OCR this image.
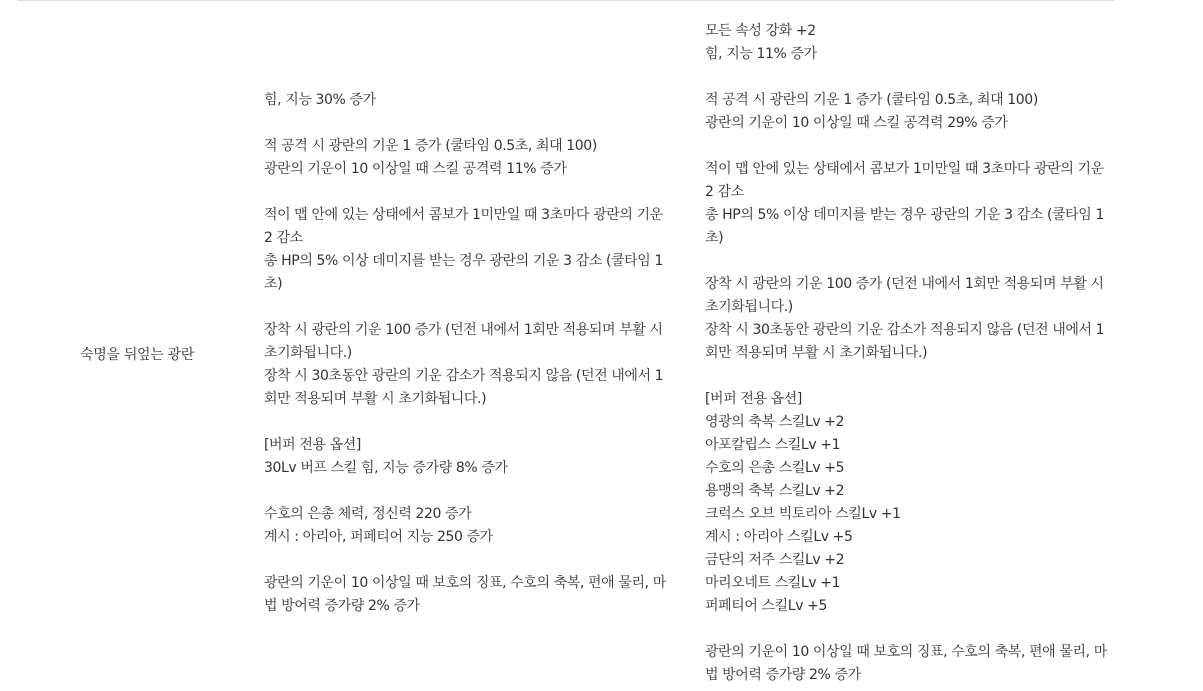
숙명을 뒤엎는 광란
힘, 지능 30% 증가
적 공격 시 광란의 기운 1 증가 (쿨타임 0.5초, 최대 100)
광란의 기운이 10 이상일 때 스킬 공격력 11% 증가
적이 맵 안에 있는 상태에서 콤보가 1미만일 때 3초마다 광란의 기운
2 감소
총 HP의 5% 이상 데미지를 받는 경우 광란의 기운 3 감소 (쿨타임 1
초)
장착 시 광란의 기운 100 증가 (던전 내에서 1회만 적용되며 부활 시
초기화됩니다.)
장착 시 30초동안 광란의 기운 감소가 적용되지 않음 (던전 내에서 1
회만 적용되며 부활 시 초기화됩니다.)
[버퍼 전용 옵션]
30Lv 버프 스킬 힘, 지능 증가량 8% 증가
수호의 은총 체력, 정신력 220 증가
계시 : 아리아, 퍼페티어 지능 250 증가
광란의 기운이 10 이상일 때 보호의 징표, 수호의 축복, 편애 물리, 마
법 방어력 증가량 2% 증가
모든 속성 강화 +2
힘, 지능 11% 증가
적 공격 시 광란의 기운 1 증가 (쿨타임 0.5초, 최대 100)
광란의 기운이 10 이상일 때 스킬 공격력 29% 증가
적이 맵 안에 있는 상태에서 콤보가 1미만일 때 3초마다 광란의 기운
2 감소
총 HP의 5% 이상 데미지를 받는 경우 광란의 기운 3 감소 (쿨타임 1
초)
장착 시 광란의 기운 100 증가 (던전 내에서 1회만 적용되며 부활 시
초기화됩니다.)
장착 시 30초동안 광란의 기운 감소가 적용되지 않음 (던전 내에서 1
회만 적용되며 부활 시 초기화됩니다.)
[버퍼 전용 옵션]
영광의 축복 스킬Lv +2
아포칼립스 스킬Lv +1
수호의 은총 스킬Lv +5
용맹의 축복 스킬Lv +2
크럭스 오브 빅토리아 스킬Lv +1
계시 : 아리아 스킬Lv +5
금단의 저주 스킬Lv +2
마리오네트 스킬Lv +1
퍼페티어 스킬Lv +5
광란의 기운이 10 이상일 때 보호의 징표, 수호의 축복, 편애 물리, 마
법 방어력 증가량 2% 증가
